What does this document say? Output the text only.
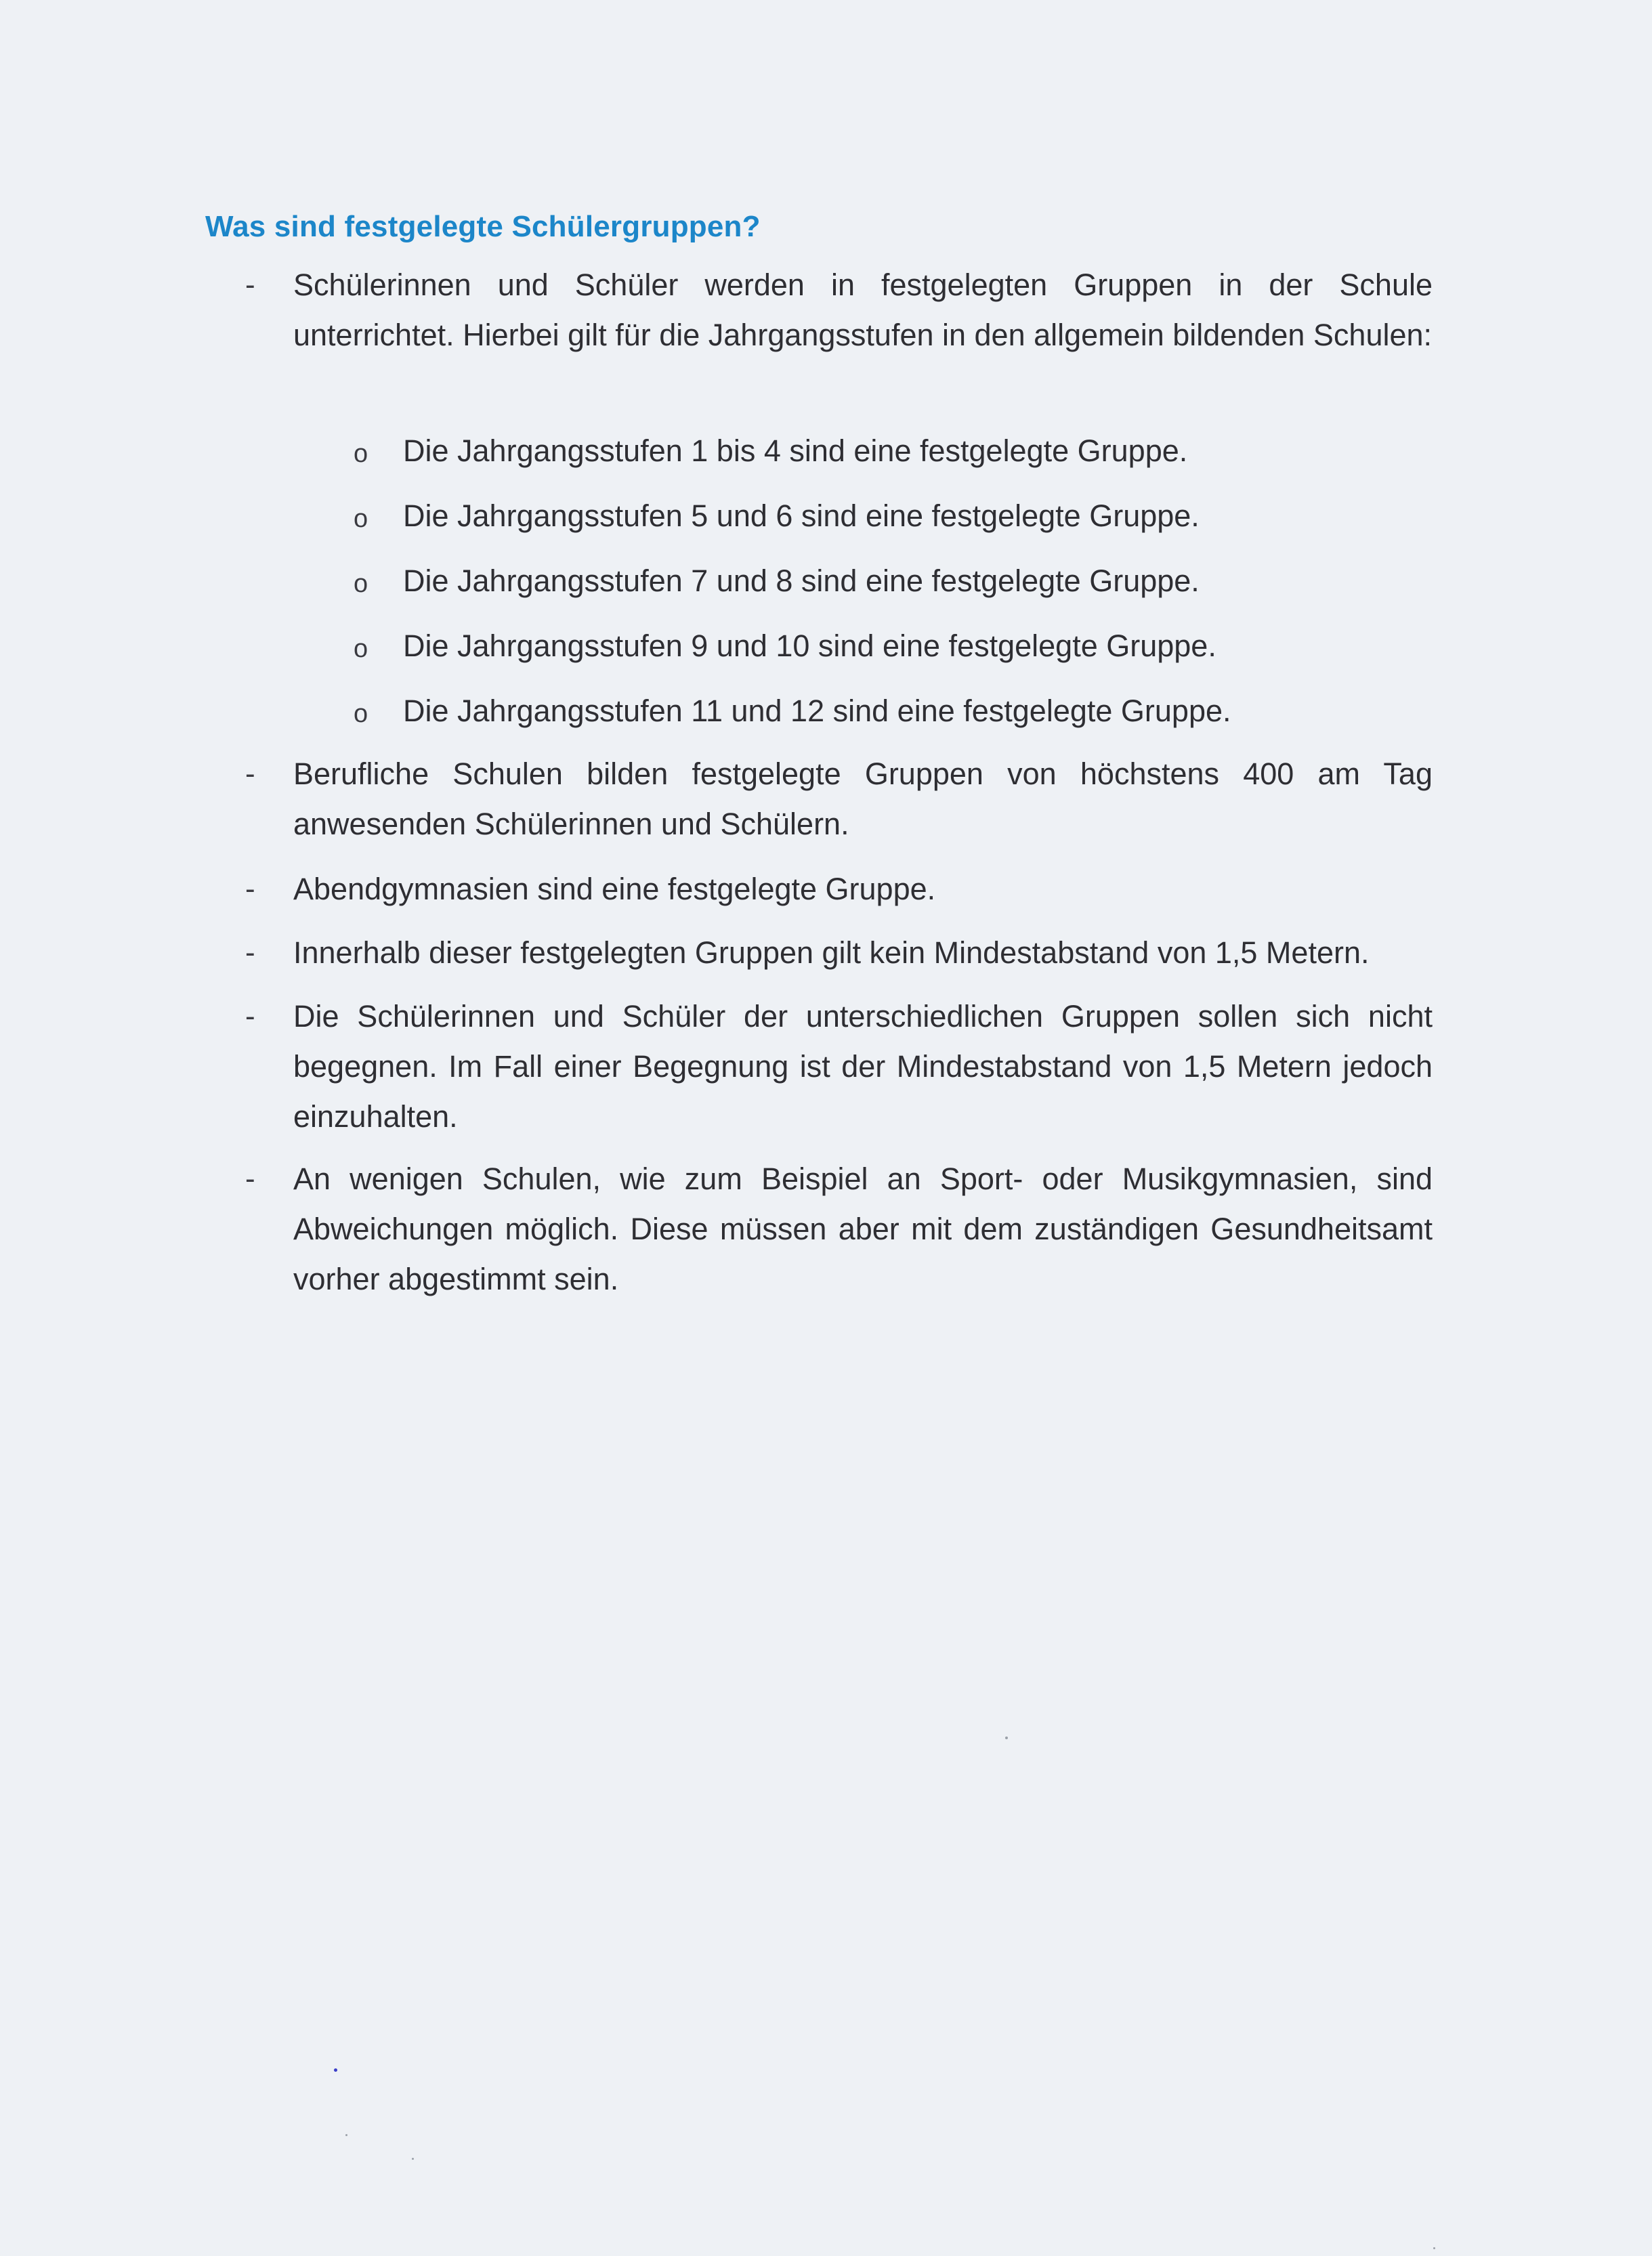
Was sind festgelegte Schülergruppen?
-	Schülerinnen und Schüler werden in festgelegten Gruppen in der Schule unterrichtet. Hierbei gilt für die Jahrgangsstufen in den allgemein bildenden Schulen:

o Die Jahrgangsstufen 1 bis 4 sind eine festgelegte Gruppe.
o Die Jahrgangsstufen 5 und 6 sind eine festgelegte Gruppe.
o Die Jahrgangsstufen 7 und 8 sind eine festgelegte Gruppe.
o Die Jahrgangsstufen 9 und 10 sind eine festgelegte Gruppe.
o Die Jahrgangsstufen 11 und 12 sind eine festgelegte Gruppe.
-	Berufliche Schulen bilden festgelegte Gruppen von höchstens 400 am Tag anwesenden Schülerinnen und Schülern.

-	Abendgymnasien sind eine festgelegte Gruppe.

-	Innerhalb dieser festgelegten Gruppen gilt kein Mindestabstand von 1,5 Metern.

-	Die Schülerinnen und Schüler der unterschiedlichen Gruppen sollen sich nicht begegnen. Im Fall einer Begegnung ist der Mindestabstand von 1,5 Metern jedoch einzuhalten.

-	An wenigen Schulen, wie zum Beispiel an Sport- oder Musikgymnasien, sind Abweichungen möglich. Diese müssen aber mit dem zuständigen Gesundheitsamt vorher abgestimmt sein.
